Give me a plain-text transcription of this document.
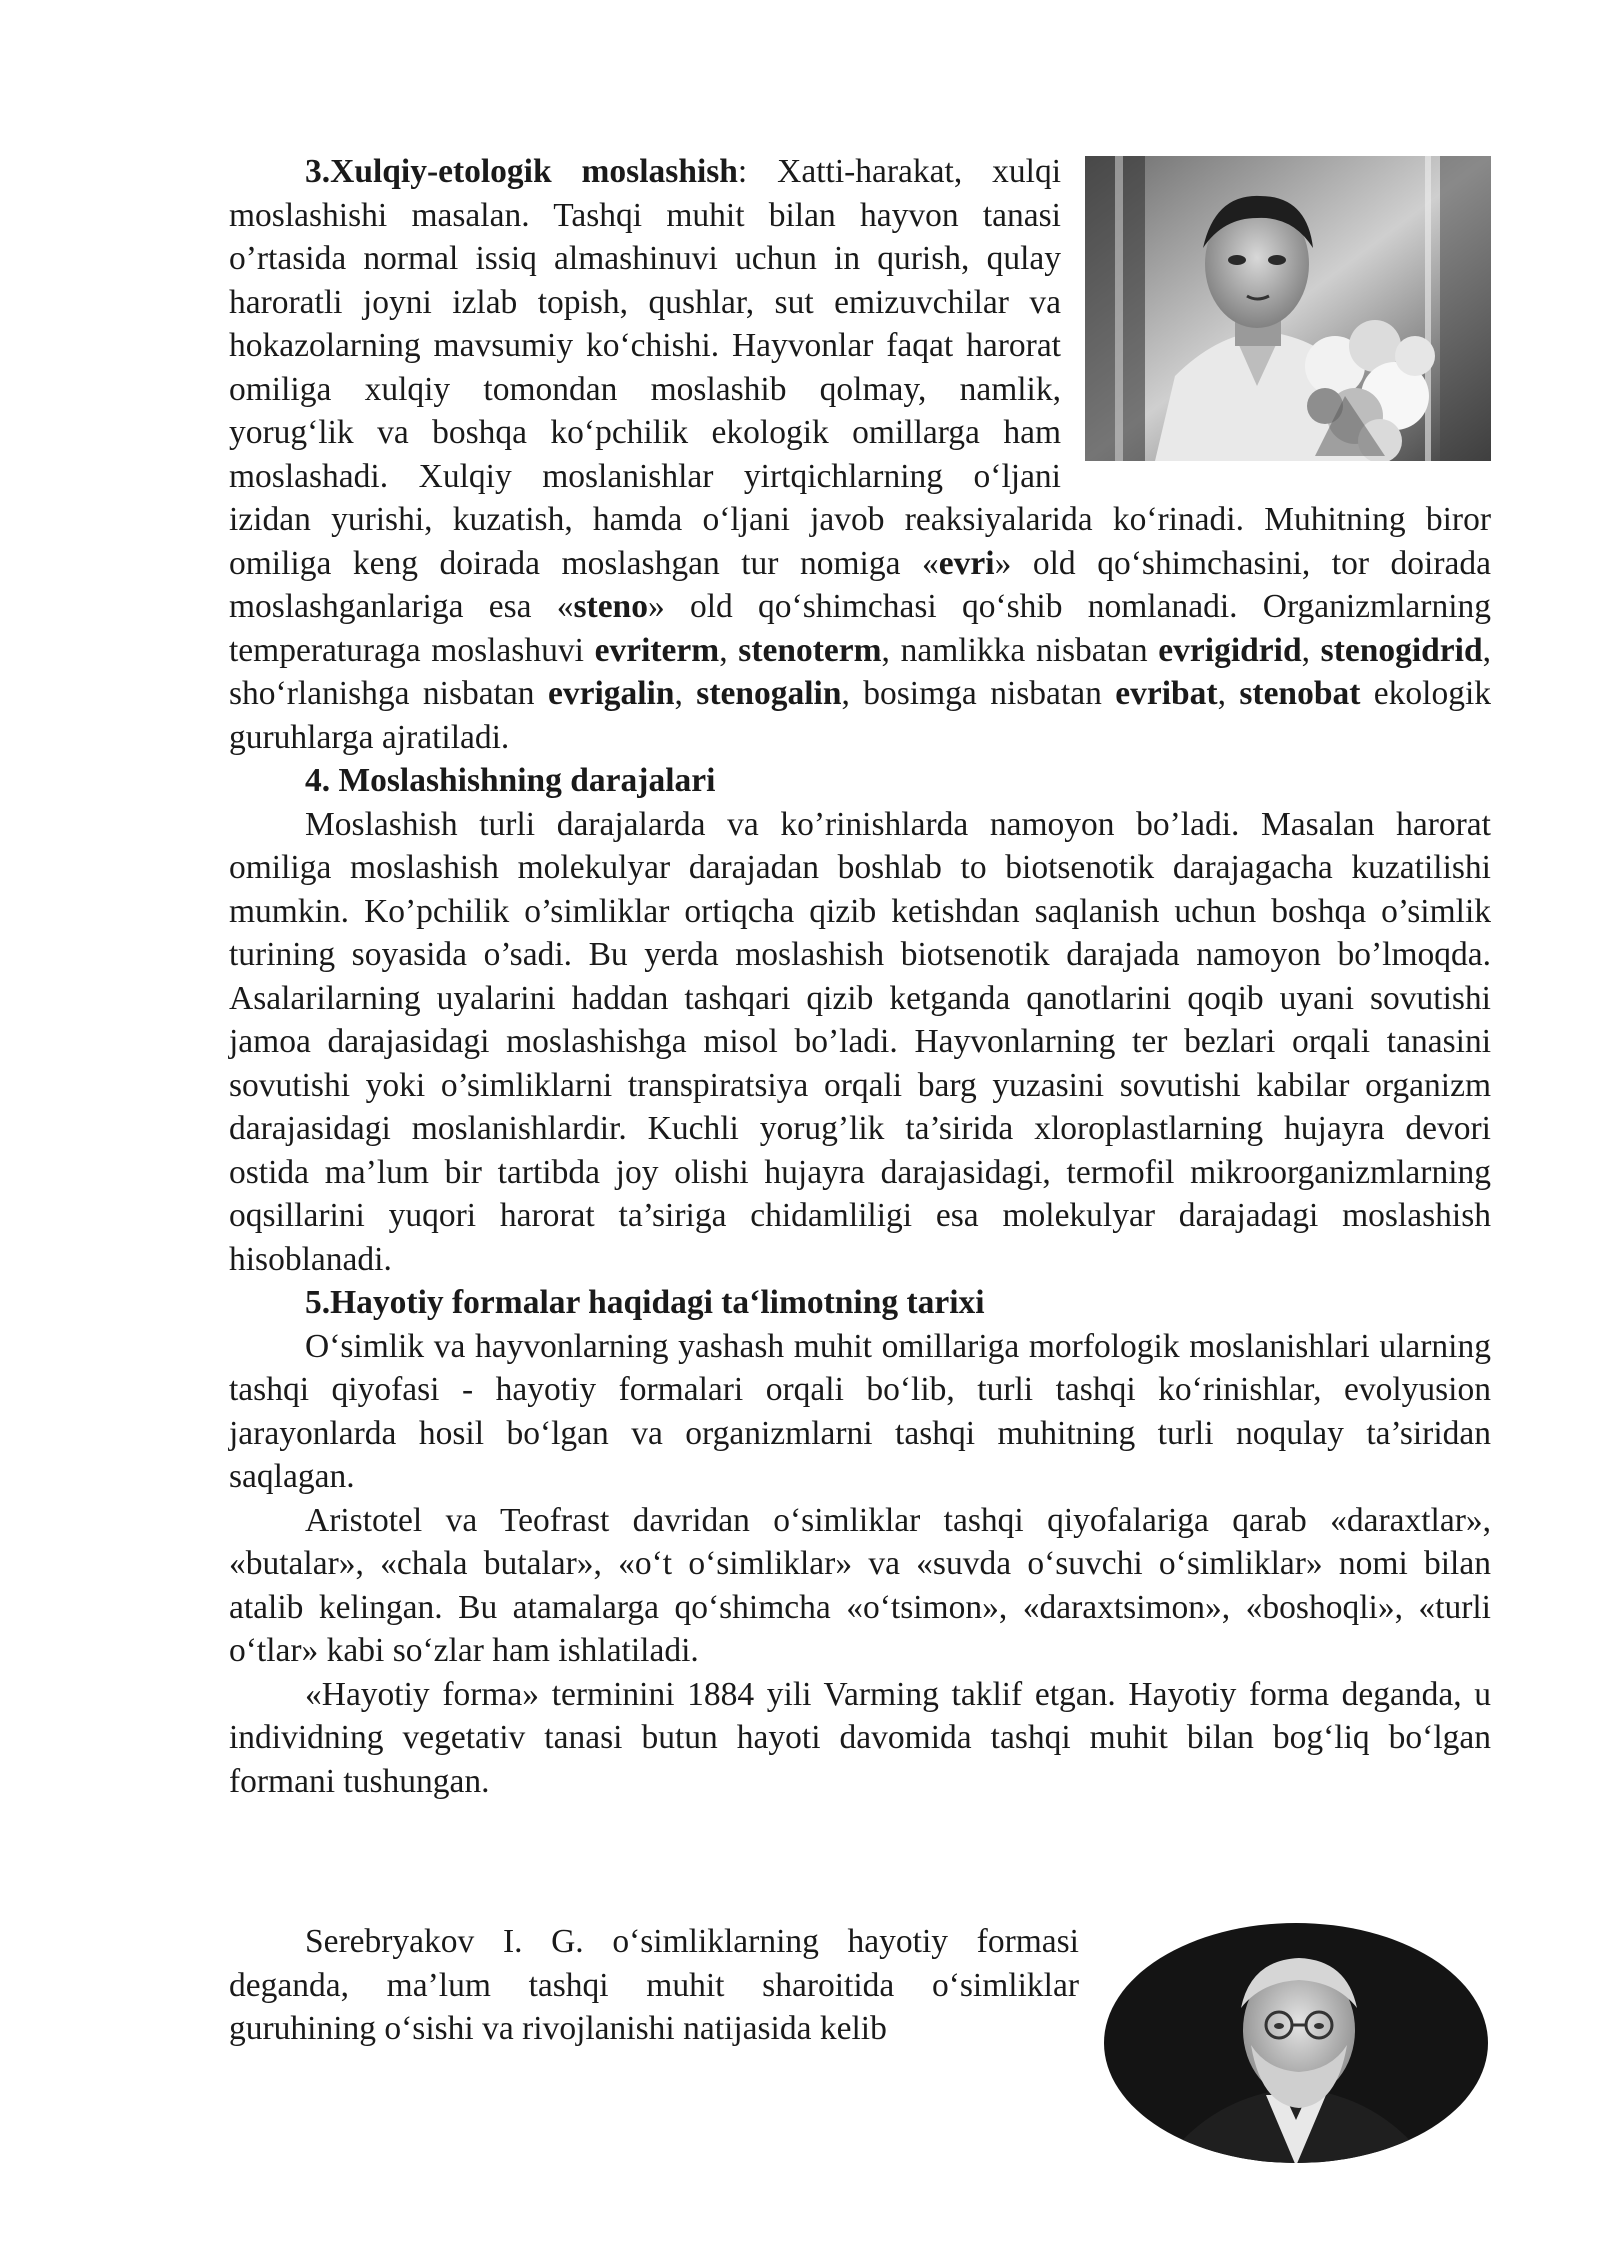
3.Xulqiy-etologik moslashish: Xatti-harakat, xulqi moslashishi masalan. Tashqi muhit bilan hayvon tanasi o’rtasida normal issiq almashinuvi uchun in qurish, qulay haroratli joyni izlab topish, qushlar, sut emizuvchilar va hokazolarning mavsumiy ko‘chishi. Hayvonlar faqat harorat omiliga xulqiy tomondan moslashib qolmay, namlik, yorug‘lik va boshqa ko‘pchilik ekologik omillarga ham moslashadi. Xulqiy moslanishlar yirtqichlarning o‘ljani izidan yurishi, kuzatish, hamda o‘ljani javob reaksiyalarida ko‘rinadi. Muhitning biror omiliga keng doirada moslashgan tur nomiga «evri» old qo‘shimchasini, tor doirada moslashganlariga esa «steno» old qo‘shimchasi qo‘shib nomlanadi. Organizmlarning temperaturaga moslashuvi evriterm, stenoterm, namlikka nisbatan evrigidrid, stenogidrid, sho‘rlanishga nisbatan evrigalin, stenogalin, bosimga nisbatan evribat, stenobat ekologik guruhlarga ajratiladi.

4. Moslashishning darajalari

Moslashish turli darajalarda va ko’rinishlarda namoyon bo’ladi. Masalan harorat omiliga moslashish molekulyar darajadan boshlab to biotsenotik darajagacha kuzatilishi mumkin. Ko’pchilik o’simliklar ortiqcha qizib ketishdan saqlanish uchun boshqa o’simlik turining soyasida o’sadi. Bu yerda moslashish biotsenotik darajada namoyon bo’lmoqda. Asalarilarning uyalarini haddan tashqari qizib ketganda qanotlarini qoqib uyani sovutishi jamoa darajasidagi moslashishga misol bo’ladi. Hayvonlarning ter bezlari orqali tanasini sovutishi yoki o’simliklarni transpiratsiya orqali barg yuzasini sovutishi kabilar organizm darajasidagi moslanishlardir. Kuchli yorug’lik ta’sirida xloroplastlarning hujayra devori ostida ma’lum bir tartibda joy olishi hujayra darajasidagi, termofil mikroorganizmlarning oqsillarini yuqori harorat ta’siriga chidamliligi esa molekulyar darajadagi moslashish hisoblanadi.

5.Hayotiy formalar haqidagi ta‘limotning tarixi

O‘simlik va hayvonlarning yashash muhit omillariga morfologik moslanishlari ularning tashqi qiyofasi - hayotiy formalari orqali bo‘lib, turli tashqi ko‘rinishlar, evolyusion jarayonlarda hosil bo‘lgan va organizmlarni tashqi muhitning turli noqulay ta’siridan saqlagan.

Aristotel va Teofrast davridan o‘simliklar tashqi qiyofalariga qarab «daraxtlar», «butalar», «chala butalar», «o‘t o‘simliklar» va «suvda o‘suvchi o‘simliklar» nomi bilan atalib kelingan. Bu atamalarga qo‘shimcha «o‘tsimon», «daraxtsimon», «boshoqli», «turli o‘tlar» kabi so‘zlar ham ishlatiladi.

«Hayotiy forma» terminini 1884 yili Varming taklif etgan. Hayotiy forma deganda, u individning vegetativ tanasi butun hayoti davomida tashqi muhit bilan bog‘liq bo‘lgan formani tushungan.

Serebryakov I. G. o‘simliklarning hayotiy formasi deganda, ma’lum tashqi muhit sharoitida o‘simliklar guruhining o‘sishi va rivojlanishi natijasida kelib
